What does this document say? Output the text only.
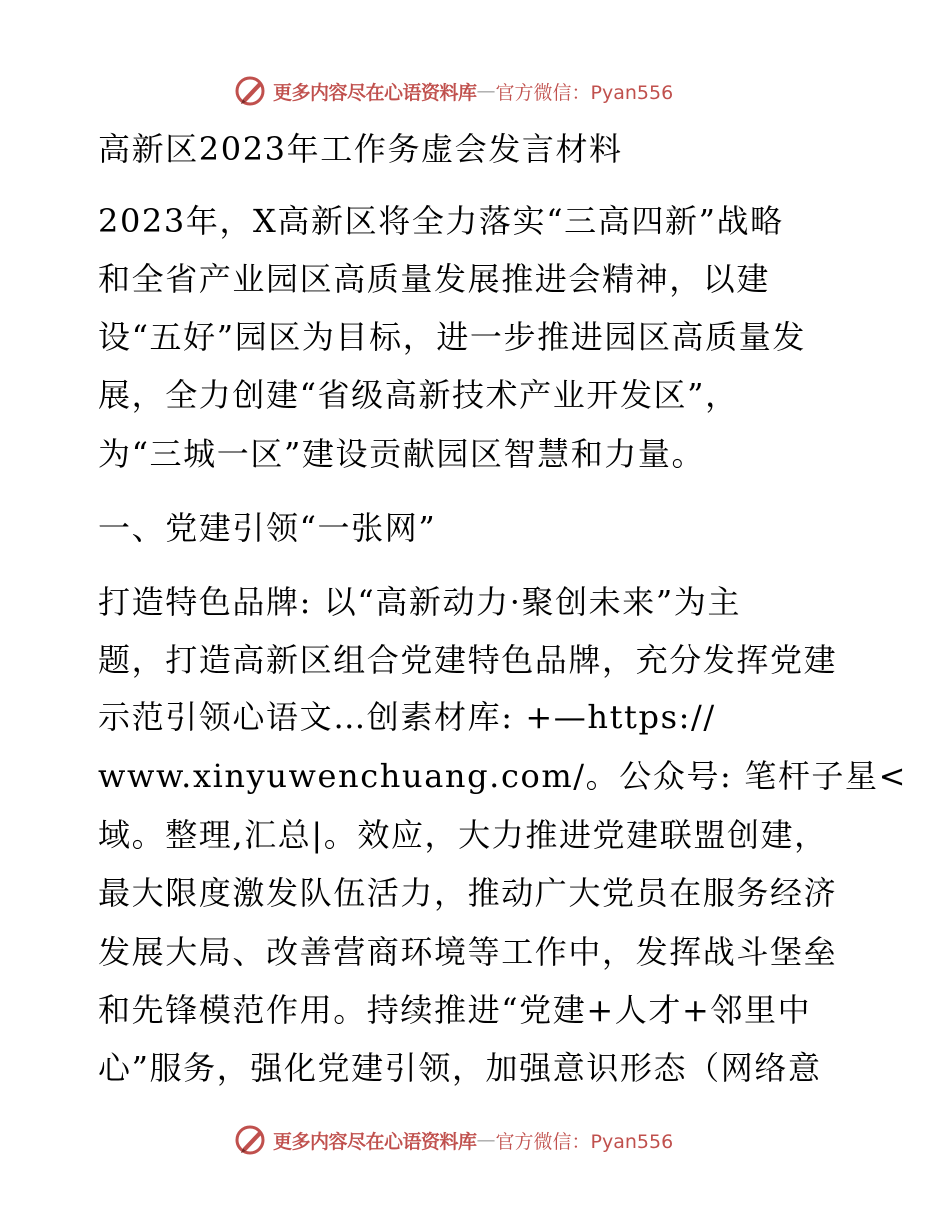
更多内容尽在心语资料库 — 官方微信：Pyan556
高新区2023年工作务虚会发言材料
2023年，X高新区将全力落实“三高四新”战略
和全省产业园区高质量发展推进会精神，以建
设“五好”园区为目标，进一步推进园区高质量发
展，全力创建“省级高新技术产业开发区”，
为“三城一区”建设贡献园区智慧和力量。
一、党建引领“一张网”
打造特色品牌: 以“高新动力·聚创未来”为主
题，打造高新区组合党建特色品牌，充分发挥党建
示范引领心语文…创素材库: +—https://
www.xinyuwenchuang.com/。公众号: 笔杆子星<
域。整理,汇总|。效应，大力推进党建联盟创建，
最大限度激发队伍活力，推动广大党员在服务经济
发展大局、改善营商环境等工作中，发挥战斗堡垒
和先锋模范作用。持续推进“党建+人才+邻里中
心”服务，强化党建引领，加强意识形态（网络意
更多内容尽在心语资料库 — 官方微信：Pyan556
